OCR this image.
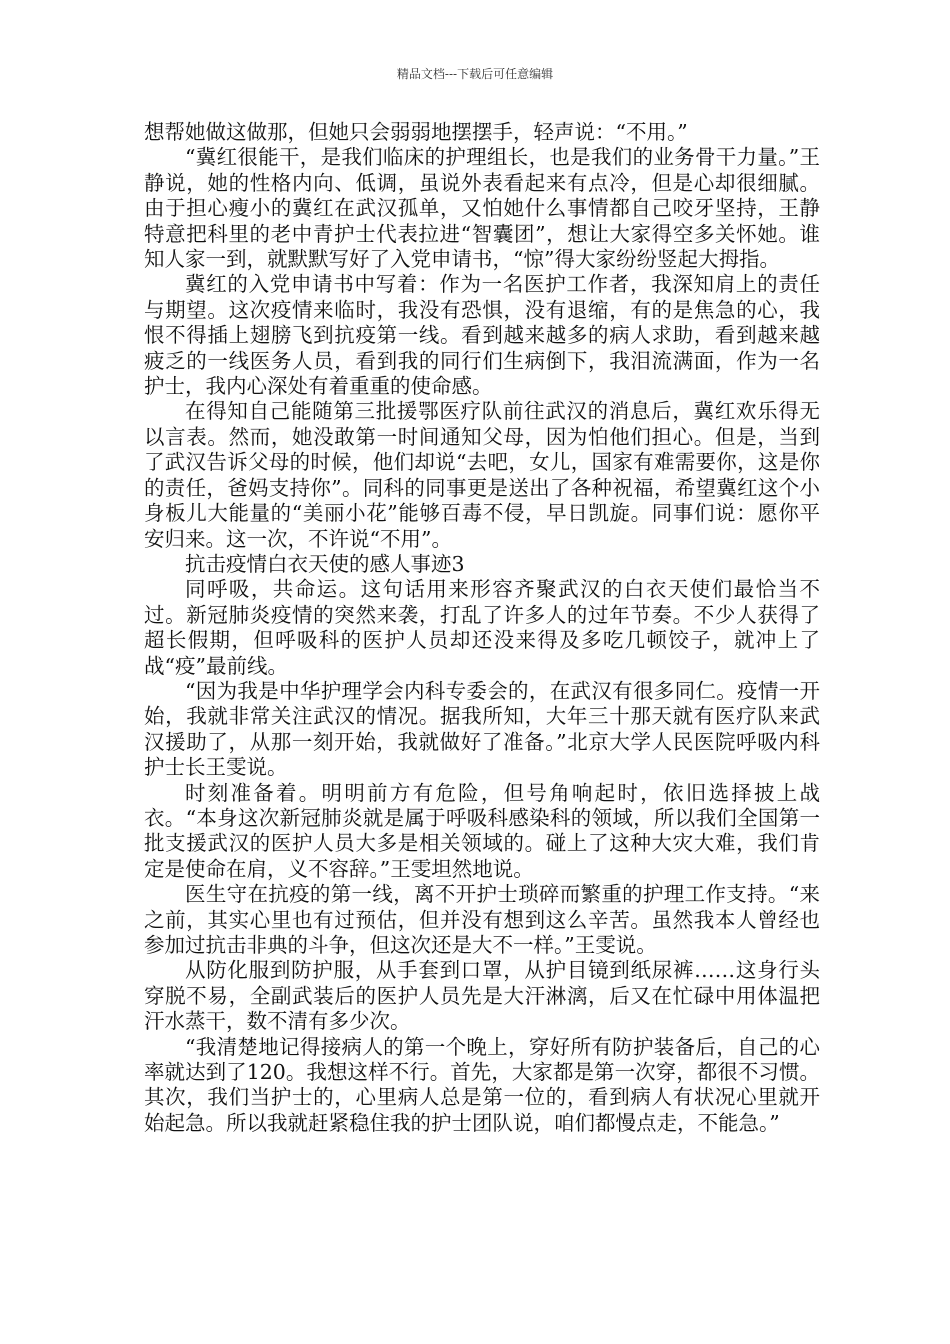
精品文档---下载后可任意编辑

想帮她做这做那，但她只会弱弱地摆摆手，轻声说：“不用。”

“冀红很能干，是我们临床的护理组长，也是我们的业务骨干力量。”王静说，她的性格内向、低调，虽说外表看起来有点冷，但是心却很细腻。由于担心瘦小的冀红在武汉孤单，又怕她什么事情都自己咬牙坚持，王静特意把科里的老中青护士代表拉进“智囊团”，想让大家得空多关怀她。谁知人家一到，就默默写好了入党申请书，“惊”得大家纷纷竖起大拇指。

冀红的入党申请书中写着：作为一名医护工作者，我深知肩上的责任与期望。这次疫情来临时，我没有恐惧，没有退缩，有的是焦急的心，我恨不得插上翅膀飞到抗疫第一线。看到越来越多的病人求助，看到越来越疲乏的一线医务人员，看到我的同行们生病倒下，我泪流满面，作为一名护士，我内心深处有着重重的使命感。

在得知自己能随第三批援鄂医疗队前往武汉的消息后，冀红欢乐得无以言表。然而，她没敢第一时间通知父母，因为怕他们担心。但是，当到了武汉告诉父母的时候，他们却说“去吧，女儿，国家有难需要你，这是你的责任，爸妈支持你”。同科的同事更是送出了各种祝福，希望冀红这个小身板儿大能量的“美丽小花”能够百毒不侵，早日凯旋。同事们说：愿你平安归来。这一次，不许说“不用”。

抗击疫情白衣天使的感人事迹3

同呼吸，共命运。这句话用来形容齐聚武汉的白衣天使们最恰当不过。新冠肺炎疫情的突然来袭，打乱了许多人的过年节奏。不少人获得了超长假期，但呼吸科的医护人员却还没来得及多吃几顿饺子，就冲上了战“疫”最前线。

“因为我是中华护理学会内科专委会的，在武汉有很多同仁。疫情一开始，我就非常关注武汉的情况。据我所知，大年三十那天就有医疗队来武汉援助了，从那一刻开始，我就做好了准备。”北京大学人民医院呼吸内科护士长王雯说。

时刻准备着。明明前方有危险，但号角响起时，依旧选择披上战衣。“本身这次新冠肺炎就是属于呼吸科感染科的领域，所以我们全国第一批支援武汉的医护人员大多是相关领域的。碰上了这种大灾大难，我们肯定是使命在肩，义不容辞。”王雯坦然地说。

医生守在抗疫的第一线，离不开护士琐碎而繁重的护理工作支持。“来之前，其实心里也有过预估，但并没有想到这么辛苦。虽然我本人曾经也参加过抗击非典的斗争，但这次还是大不一样。”王雯说。

从防化服到防护服，从手套到口罩，从护目镜到纸尿裤……这身行头穿脱不易，全副武装后的医护人员先是大汗淋漓，后又在忙碌中用体温把汗水蒸干，数不清有多少次。

“我清楚地记得接病人的第一个晚上，穿好所有防护装备后，自己的心率就达到了120。我想这样不行。首先，大家都是第一次穿，都很不习惯。其次，我们当护士的，心里病人总是第一位的，看到病人有状况心里就开始起急。所以我就赶紧稳住我的护士团队说，咱们都慢点走，不能急。”
